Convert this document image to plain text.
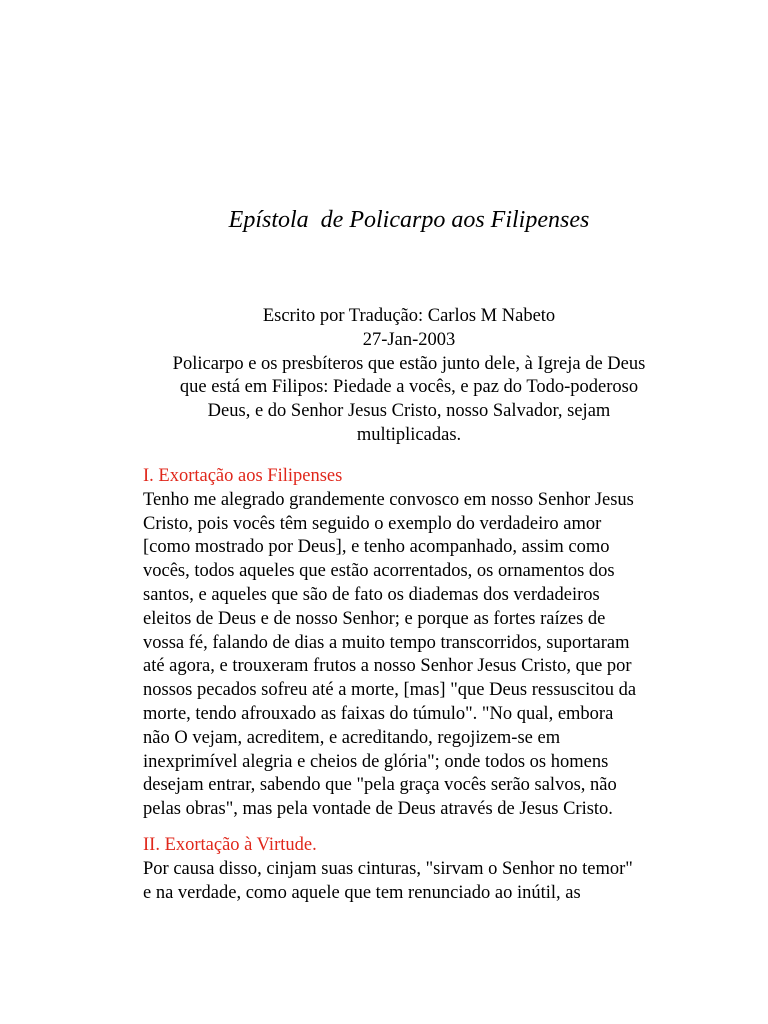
Epístola  de Policarpo aos Filipenses
Escrito por Tradução: Carlos M Nabeto
27-Jan-2003
Policarpo e os presbíteros que estão junto dele, à Igreja de Deus
que está em Filipos: Piedade a vocês, e paz do Todo-poderoso
Deus, e do Senhor Jesus Cristo, nosso Salvador, sejam
multiplicadas.
I. Exortação aos Filipenses
Tenho me alegrado grandemente convosco em nosso Senhor Jesus
Cristo, pois vocês têm seguido o exemplo do verdadeiro amor
[como mostrado por Deus], e tenho acompanhado, assim como
vocês, todos aqueles que estão acorrentados, os ornamentos dos
santos, e aqueles que são de fato os diademas dos verdadeiros
eleitos de Deus e de nosso Senhor; e porque as fortes raízes de
vossa fé, falando de dias a muito tempo transcorridos, suportaram
até agora, e trouxeram frutos a nosso Senhor Jesus Cristo, que por
nossos pecados sofreu até a morte, [mas] "que Deus ressuscitou da
morte, tendo afrouxado as faixas do túmulo". "No qual, embora
não O vejam, acreditem, e acreditando, regojizem-se em
inexprimível alegria e cheios de glória"; onde todos os homens
desejam entrar, sabendo que "pela graça vocês serão salvos, não
pelas obras", mas pela vontade de Deus através de Jesus Cristo.
II. Exortação à Virtude.
Por causa disso, cinjam suas cinturas, "sirvam o Senhor no temor"
e na verdade, como aquele que tem renunciado ao inútil, as
